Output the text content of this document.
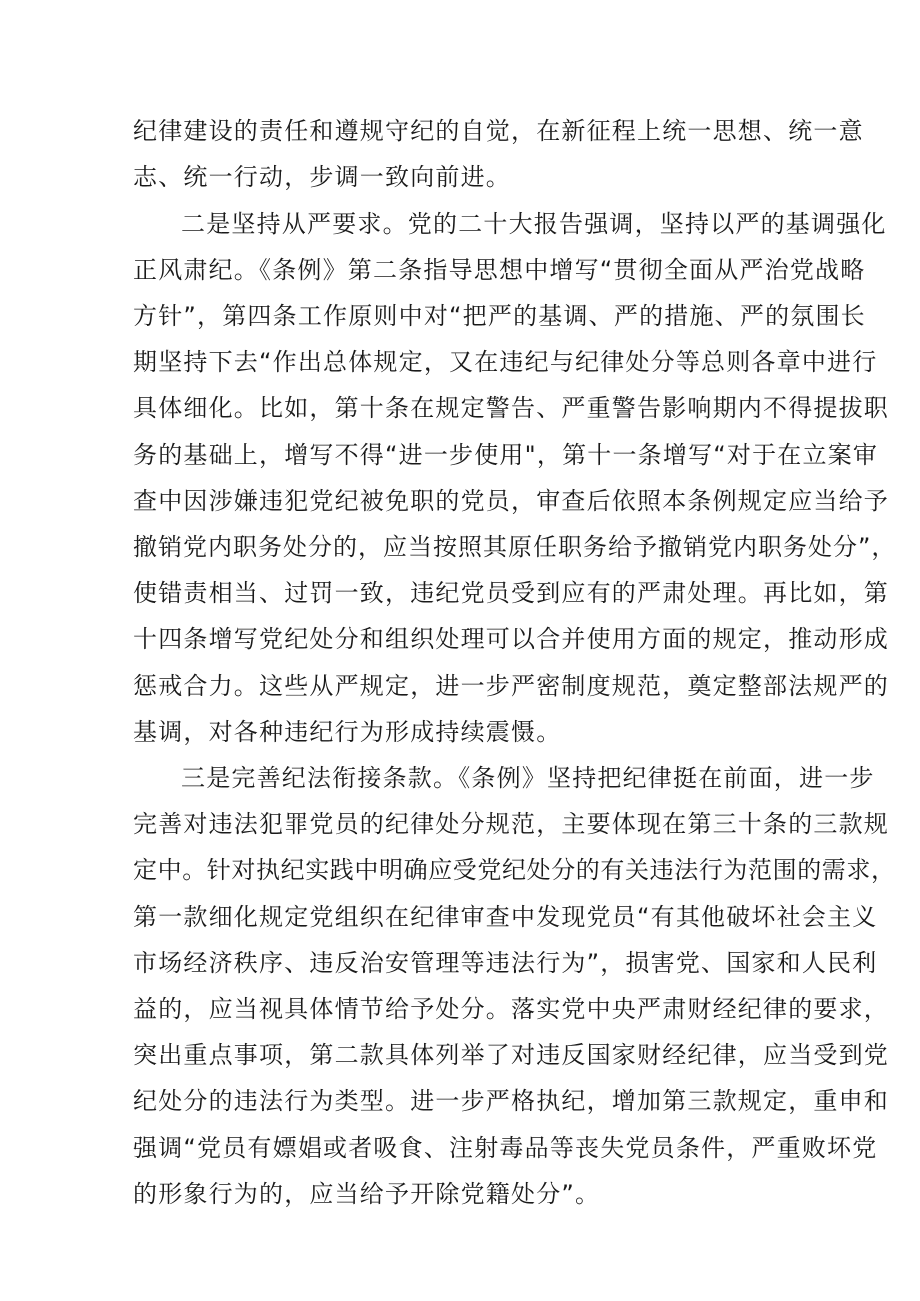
纪律建设的责任和遵规守纪的自觉，在新征程上统一思想、统一意
志、统一行动，步调一致向前进。
二是坚持从严要求。党的二十大报告强调，坚持以严的基调强化
正风肃纪。《条例》第二条指导思想中增写“贯彻全面从严治党战略
方针”，第四条工作原则中对“把严的基调、严的措施、严的氛围长
期坚持下去“作出总体规定，又在违纪与纪律处分等总则各章中进行
具体细化。比如，第十条在规定警告、严重警告影响期内不得提拔职
务的基础上，增写不得“进一步使用"，第十一条增写“对于在立案审
查中因涉嫌违犯党纪被免职的党员，审查后依照本条例规定应当给予
撤销党内职务处分的，应当按照其原任职务给予撤销党内职务处分”，
使错责相当、过罚一致，违纪党员受到应有的严肃处理。再比如，第
十四条增写党纪处分和组织处理可以合并使用方面的规定，推动形成
惩戒合力。这些从严规定，进一步严密制度规范，奠定整部法规严的
基调，对各种违纪行为形成持续震慑。
三是完善纪法衔接条款。《条例》坚持把纪律挺在前面，进一步
完善对违法犯罪党员的纪律处分规范，主要体现在第三十条的三款规
定中。针对执纪实践中明确应受党纪处分的有关违法行为范围的需求，
第一款细化规定党组织在纪律审查中发现党员“有其他破坏社会主义
市场经济秩序、违反治安管理等违法行为”，损害党、国家和人民利
益的，应当视具体情节给予处分。落实党中央严肃财经纪律的要求，
突出重点事项，第二款具体列举了对违反国家财经纪律，应当受到党
纪处分的违法行为类型。进一步严格执纪，增加第三款规定，重申和
强调“党员有嫖娼或者吸食、注射毒品等丧失党员条件，严重败坏党
的形象行为的，应当给予开除党籍处分”。
